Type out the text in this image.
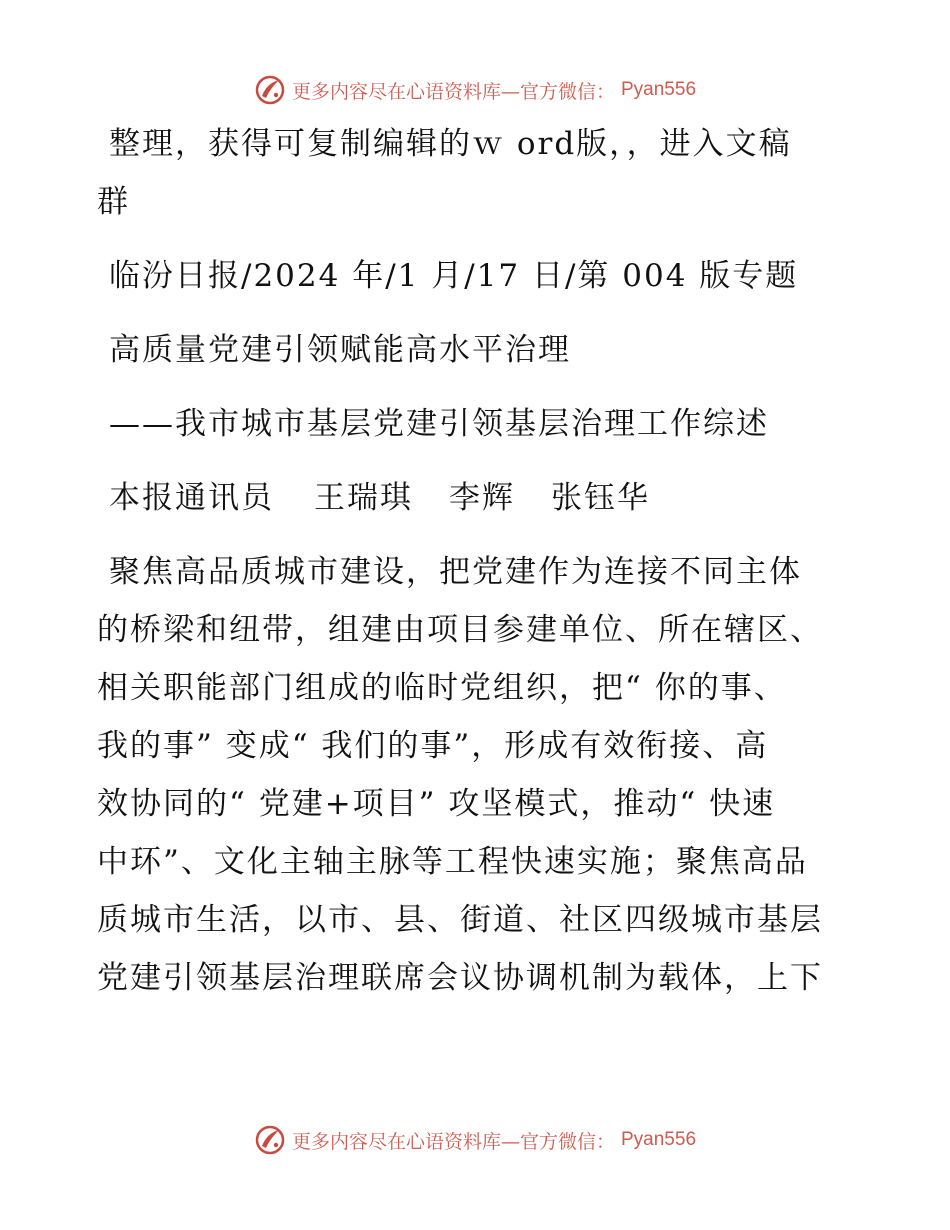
更多内容尽在心语资料库—官方微信： Pyan556
整理，获得可复制编辑的ｗ ord版，，进入文稿
群
临汾日报/2024 年/1 月/17 日/第 004 版专题
高质量党建引领赋能高水平治理
——我市城市基层党建引领基层治理工作综述
本报通讯员 王瑞琪 李辉 张钰华
聚焦高品质城市建设，把党建作为连接不同主体
的桥梁和纽带，组建由项目参建单位、所在辖区、
相关职能部门组成的临时党组织，把“ 你的事、
我的事” 变成“ 我们的事”，形成有效衔接、高
效协同的“ 党建+项目” 攻坚模式，推动“ 快速
中环”、文化主轴主脉等工程快速实施；聚焦高品
质城市生活，以市、县、街道、社区四级城市基层
党建引领基层治理联席会议协调机制为载体，上下
更多内容尽在心语资料库—官方微信： Pyan556
